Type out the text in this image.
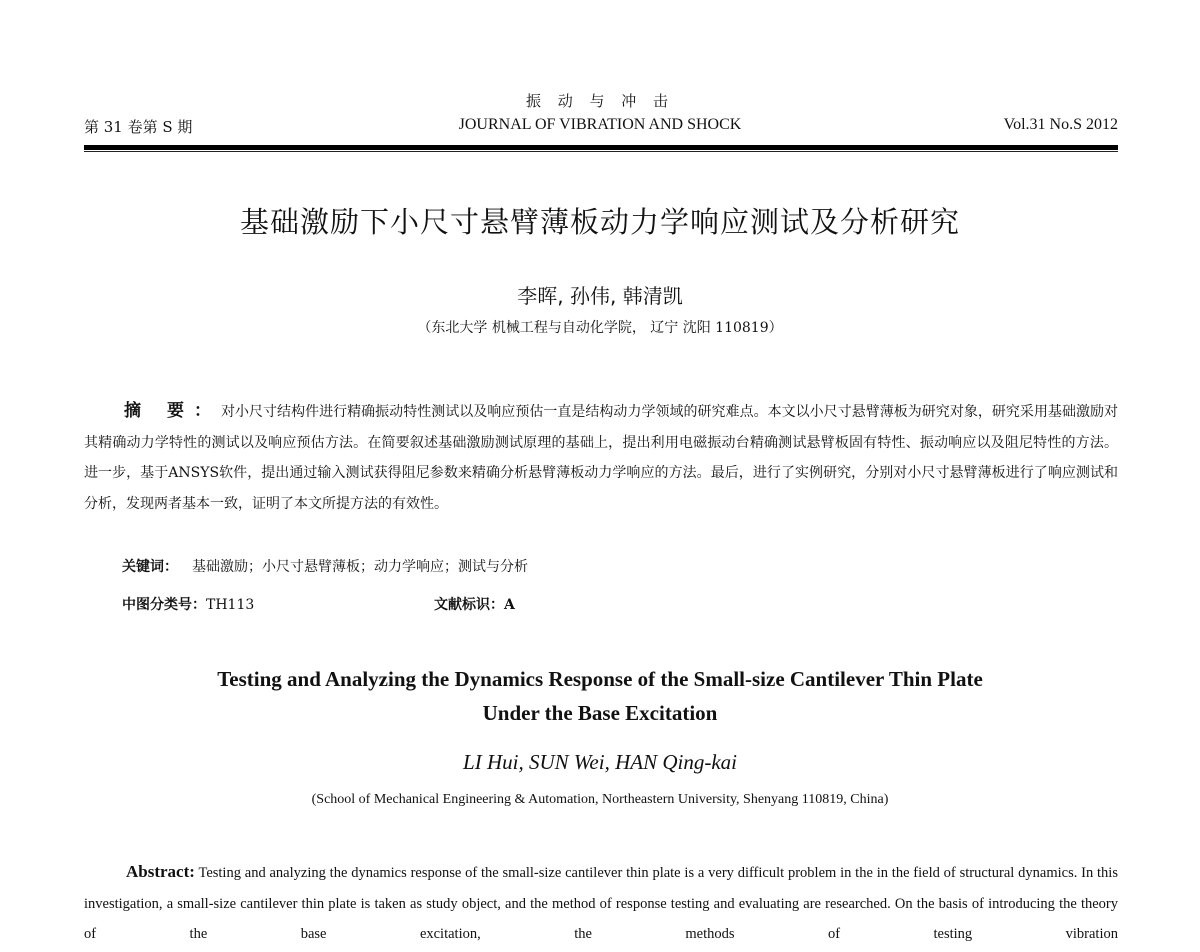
第 31 卷第 S 期
振 动 与 冲 击
JOURNAL OF VIBRATION AND SHOCK	Vol.31 No.S 2012
基础激励下小尺寸悬臂薄板动力学响应测试及分析研究
李晖, 孙伟, 韩清凯
（东北大学 机械工程与自动化学院， 辽宁 沈阳 110819）
摘 要：对小尺寸结构件进行精确振动特性测试以及响应预估一直是结构动力学领域的研究难点。本文以小尺寸悬臂薄板为研究对象，研究采用基础激励对其精确动力学特性的测试以及响应预估方法。在简要叙述基础激励测试原理的基础上，提出利用电磁振动台精确测试悬臂板固有特性、振动响应以及阻尼特性的方法。进一步，基于ANSYS软件，提出通过输入测试获得阻尼参数来精确分析悬臂薄板动力学响应的方法。最后，进行了实例研究，分别对小尺寸悬臂薄板进行了响应测试和分析，发现两者基本一致，证明了本文所提方法的有效性。
关键词： 基础激励；小尺寸悬臂薄板；动力学响应；测试与分析
中图分类号：TH113	文献标识：A
Testing and Analyzing the Dynamics Response of the Small-size Cantilever Thin Plate
Under the Base Excitation
LI Hui, SUN Wei, HAN Qing-kai
(School of Mechanical Engineering & Automation, Northeastern University, Shenyang 110819, China)
Abstract: Testing and analyzing the dynamics response of the small-size cantilever thin plate is a very difficult problem in the in the field of structural dynamics. In this investigation, a small-size cantilever thin plate is taken as study object, and the method of response testing and evaluating are researched. On the basis of introducing the theory of the base excitation, the methods of testing vibration
